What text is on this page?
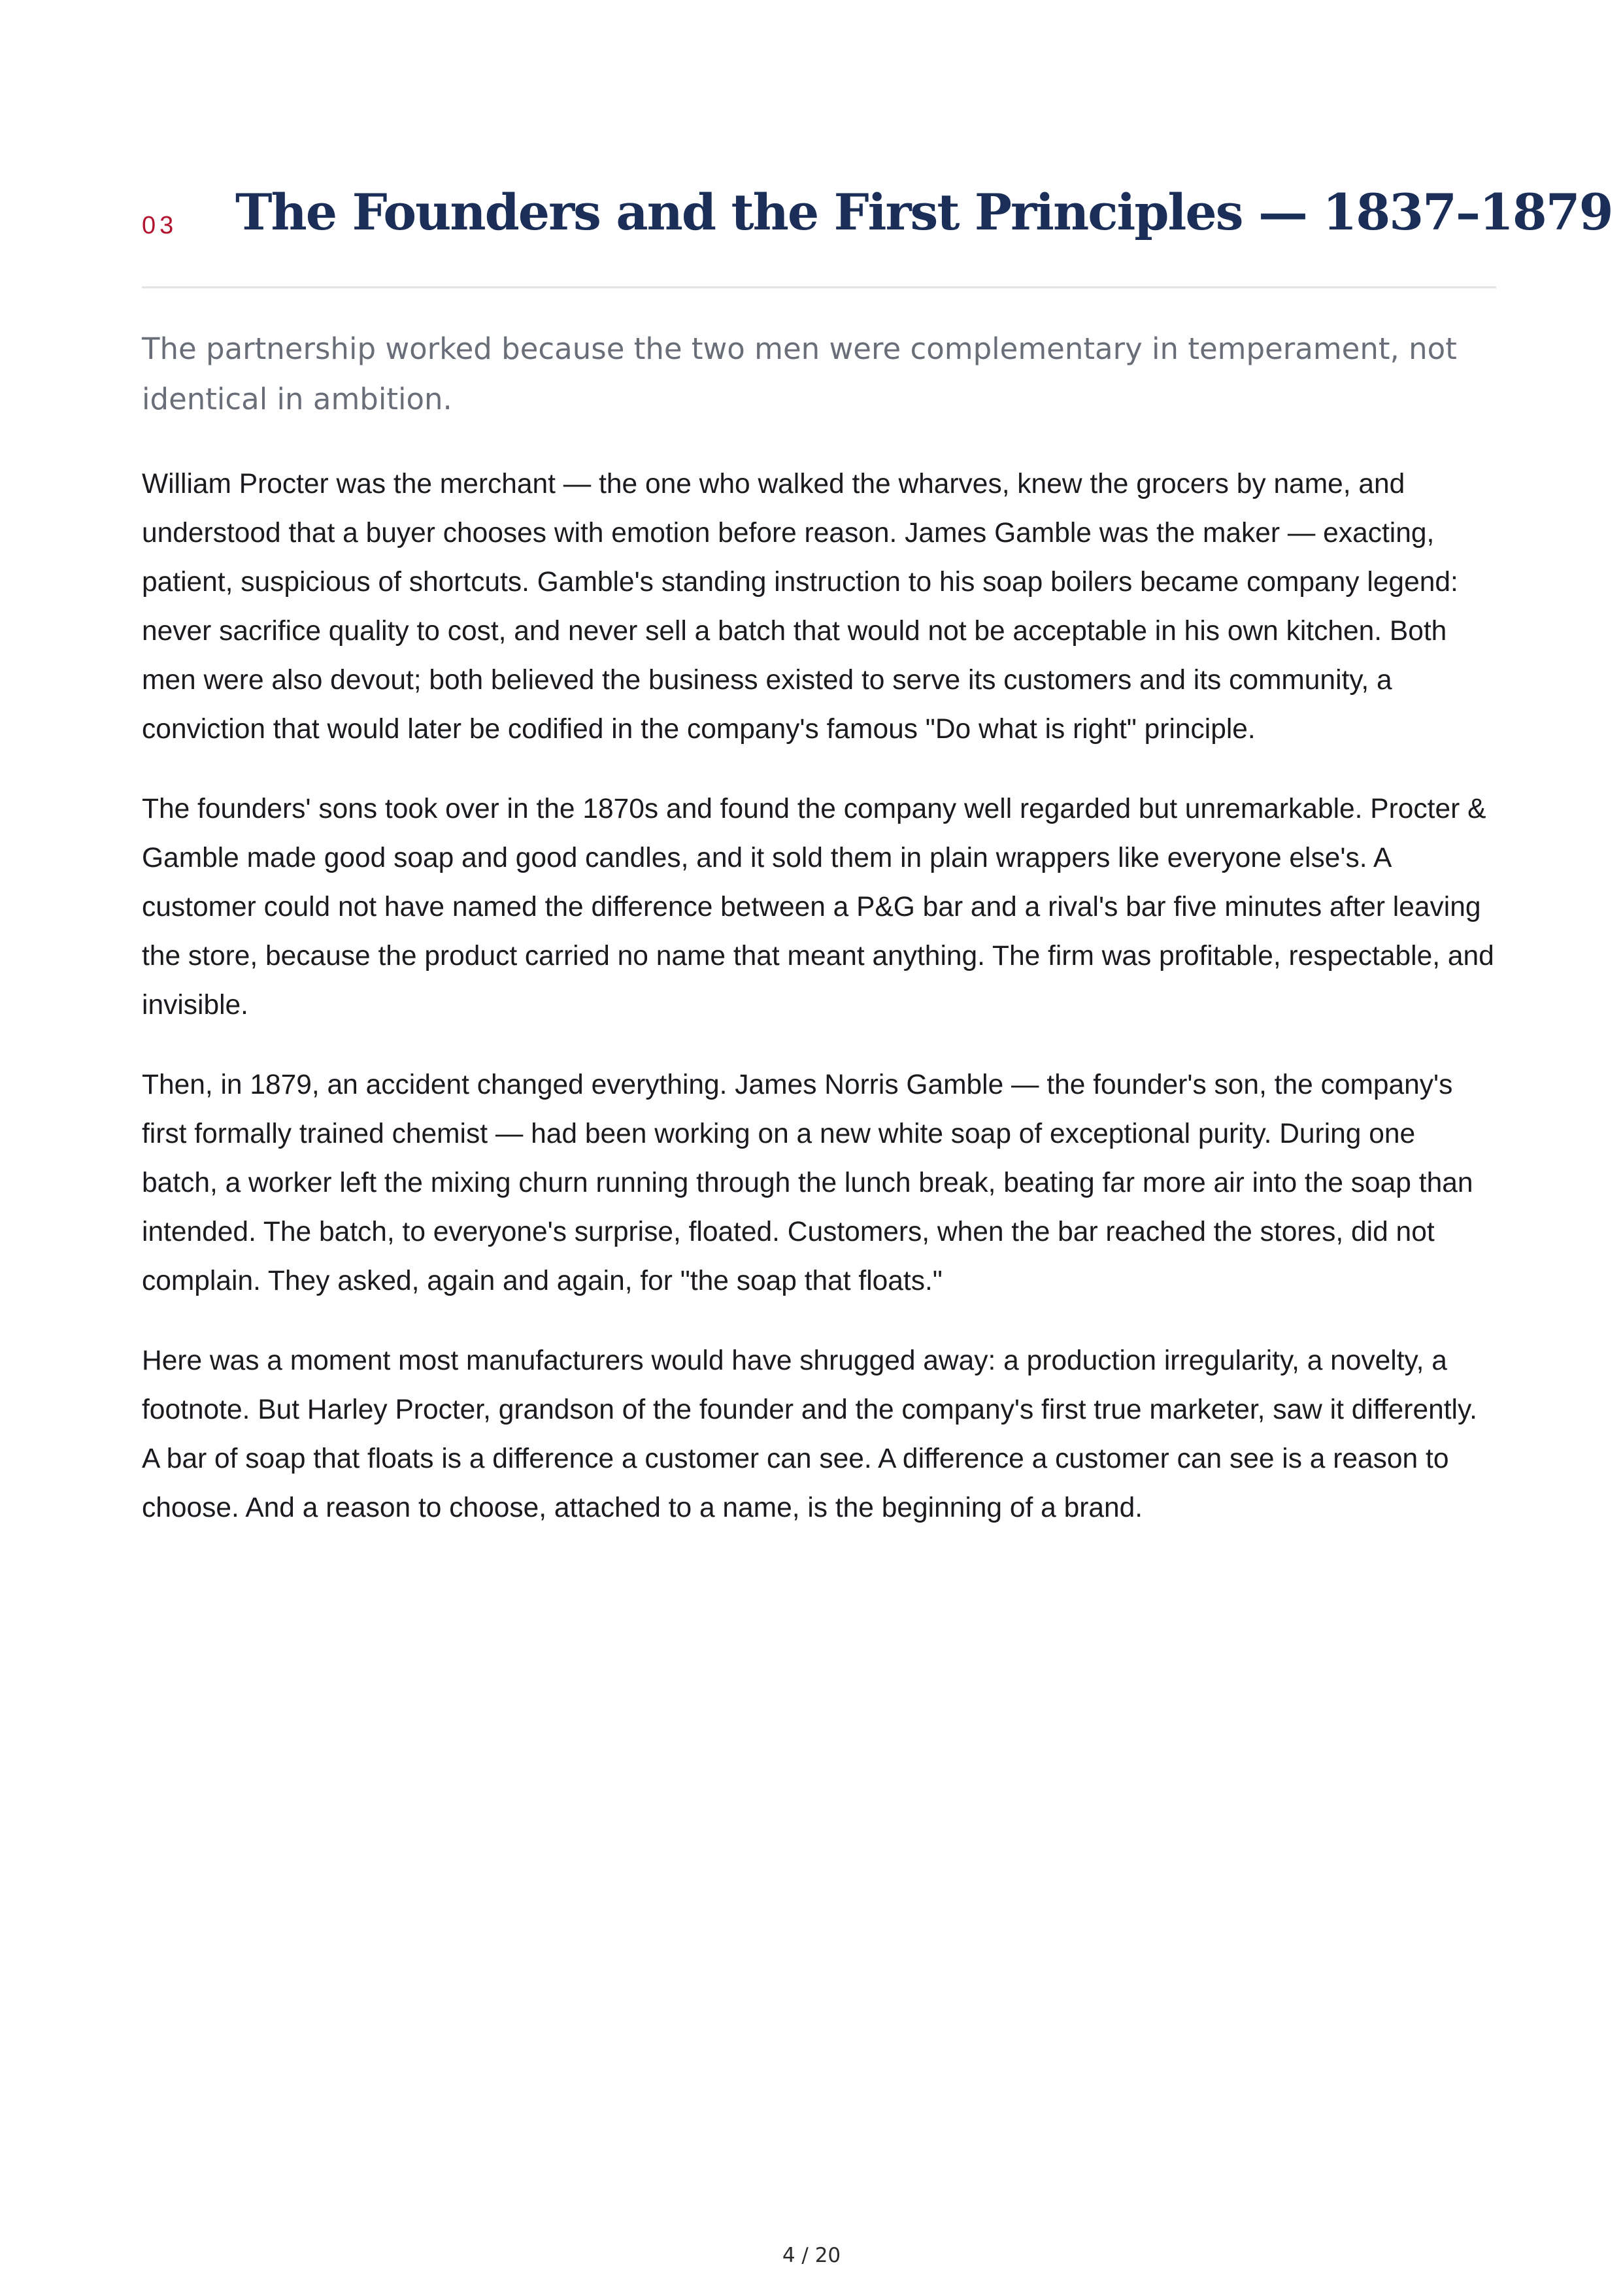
03 The Founders and the First Principles — 1837–1879

The partnership worked because the two men were complementary in temperament, not identical in ambition.

William Procter was the merchant — the one who walked the wharves, knew the grocers by name, and understood that a buyer chooses with emotion before reason. James Gamble was the maker — exacting, patient, suspicious of shortcuts. Gamble's standing instruction to his soap boilers became company legend: never sacrifice quality to cost, and never sell a batch that would not be acceptable in his own kitchen. Both men were also devout; both believed the business existed to serve its customers and its community, a conviction that would later be codified in the company's famous "Do what is right" principle.

The founders' sons took over in the 1870s and found the company well regarded but unremarkable. Procter & Gamble made good soap and good candles, and it sold them in plain wrappers like everyone else's. A customer could not have named the difference between a P&G bar and a rival's bar five minutes after leaving the store, because the product carried no name that meant anything. The firm was profitable, respectable, and invisible.

Then, in 1879, an accident changed everything. James Norris Gamble — the founder's son, the company's first formally trained chemist — had been working on a new white soap of exceptional purity. During one batch, a worker left the mixing churn running through the lunch break, beating far more air into the soap than intended. The batch, to everyone's surprise, floated. Customers, when the bar reached the stores, did not complain. They asked, again and again, for "the soap that floats."

Here was a moment most manufacturers would have shrugged away: a production irregularity, a novelty, a footnote. But Harley Procter, grandson of the founder and the company's first true marketer, saw it differently. A bar of soap that floats is a difference a customer can see. A difference a customer can see is a reason to choose. And a reason to choose, attached to a name, is the beginning of a brand.

4 / 20
